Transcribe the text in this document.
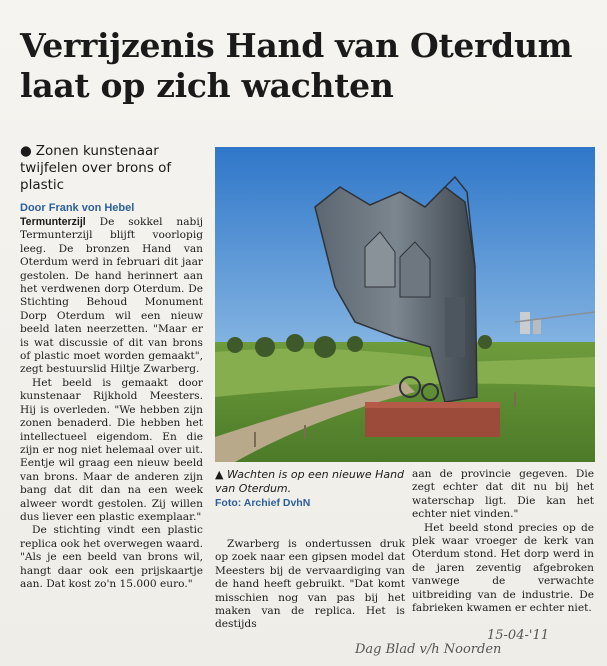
Verrijzenis Hand van Oterdum laat op zich wachten
● Zonen kunstenaar twijfelen over brons of plastic
Door Frank von Hebel

Termunterzijl De sokkel nabij Termunterzijl blijft voorlopig leeg. De bronzen Hand van Oterdum werd in februari dit jaar gestolen. De hand herinnert aan het verdwenen dorp Oterdum. De Stichting Behoud Monument Dorp Oterdum wil een nieuw beeld laten neerzetten. "Maar er is wat discussie of dit van brons of plastic moet worden gemaakt", zegt bestuurslid Hiltje Zwarberg.

Het beeld is gemaakt door kunstenaar Rijkhold Meesters. Hij is overleden. "We hebben zijn zonen benaderd. Die hebben het intellectueel eigendom. En die zijn er nog niet helemaal over uit. Eentje wil graag een nieuw beeld van brons. Maar de anderen zijn bang dat dit dan na een week alweer wordt gestolen. Zij willen dus liever een plastic exemplaar."

De stichting vindt een plastic replica ook het overwegen waard. "Als je een beeld van brons wil, hangt daar ook een prijskaartje aan. Dat kost zo'n 15.000 euro."

▲ Wachten is op een nieuwe Hand van Oterdum.
Foto: Archief DvhN

Zwarberg is ondertussen druk op zoek naar een gipsen model dat Meesters bij de vervaardiging van de hand heeft gebruikt. "Dat komt misschien nog van pas bij het maken van de replica. Het is destijds

aan de provincie gegeven. Die zegt echter dat dit nu bij het waterschap ligt. Die kan het echter niet vinden."

Het beeld stond precies op de plek waar vroeger de kerk van Oterdum stond. Het dorp werd in de jaren zeventig afgebroken vanwege de verwachte uitbreiding van de industrie. De fabrieken kwamen er echter niet.

15-04-'11
Dag Blad v/h Noorden
